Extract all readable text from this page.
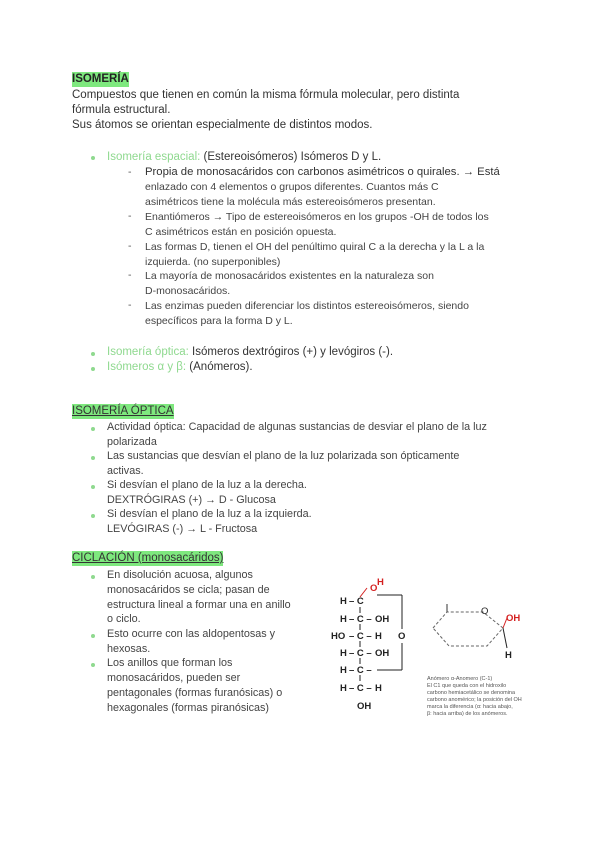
ISOMERÍA
Compuestos que tienen en común la misma fórmula molecular, pero distinta
fórmula estructural.
Sus átomos se orientan especialmente de distintos modos.
Isomería espacial: (Estereoisómeros) Isómeros D y L.
- Propia de monosacáridos con carbonos asimétricos o quirales. → Está
enlazado con 4 elementos o grupos diferentes. Cuantos más C
asimétricos tiene la molécula más estereoisómeros presentan.
- Enantiómeros → Tipo de estereoisómeros en los grupos -OH de todos los
C asimétricos están en posición opuesta.
- Las formas D, tienen el OH del penúltimo quiral C a la derecha y la L a la
izquierda. (no superponibles)
- La mayoría de monosacáridos existentes en la naturaleza son
D-monosacáridos.
- Las enzimas pueden diferenciar los distintos estereoisómeros, siendo
específicos para la forma D y L.
Isomería óptica: Isómeros dextrógiros (+) y levógiros (-).
Isómeros α y β: (Anómeros).
ISOMERÍA ÓPTICA
Actividad óptica: Capacidad de algunas sustancias de desviar el plano de la luz
polarizada
Las sustancias que desvían el plano de la luz polarizada son ópticamente
activas.
Si desvían el plano de la luz a la derecha.
DEXTRÓGIRAS (+) → D - Glucosa
Si desvían el plano de la luz a la izquierda.
LEVÓGIRAS (-) → L - Fructosa
CICLACIÓN (monosacáridos)
En disolución acuosa, algunos
monosacáridos se cicla; pasan de
estructura lineal a formar una en anillo
o ciclo.
Esto ocurre con las aldopentosas y
hexosas.
Los anillos que forman los
monosacáridos, pueden ser
pentagonales (formas furanósicas) o
hexagonales (formas piranósicas)
H
O
H – C
H – C – OH
HO – C – H O
H – C – OH
H – C –
H – C – H
OH
O
OH
H
Anómero α-Anomero (C-1)
El C1 que queda con el hidroxilo
carbono hemiacetálico se denomina
carbono anomérico; la posición del OH
marca la diferencia (α: hacia abajo,
β: hacia arriba) de los anómeros.
